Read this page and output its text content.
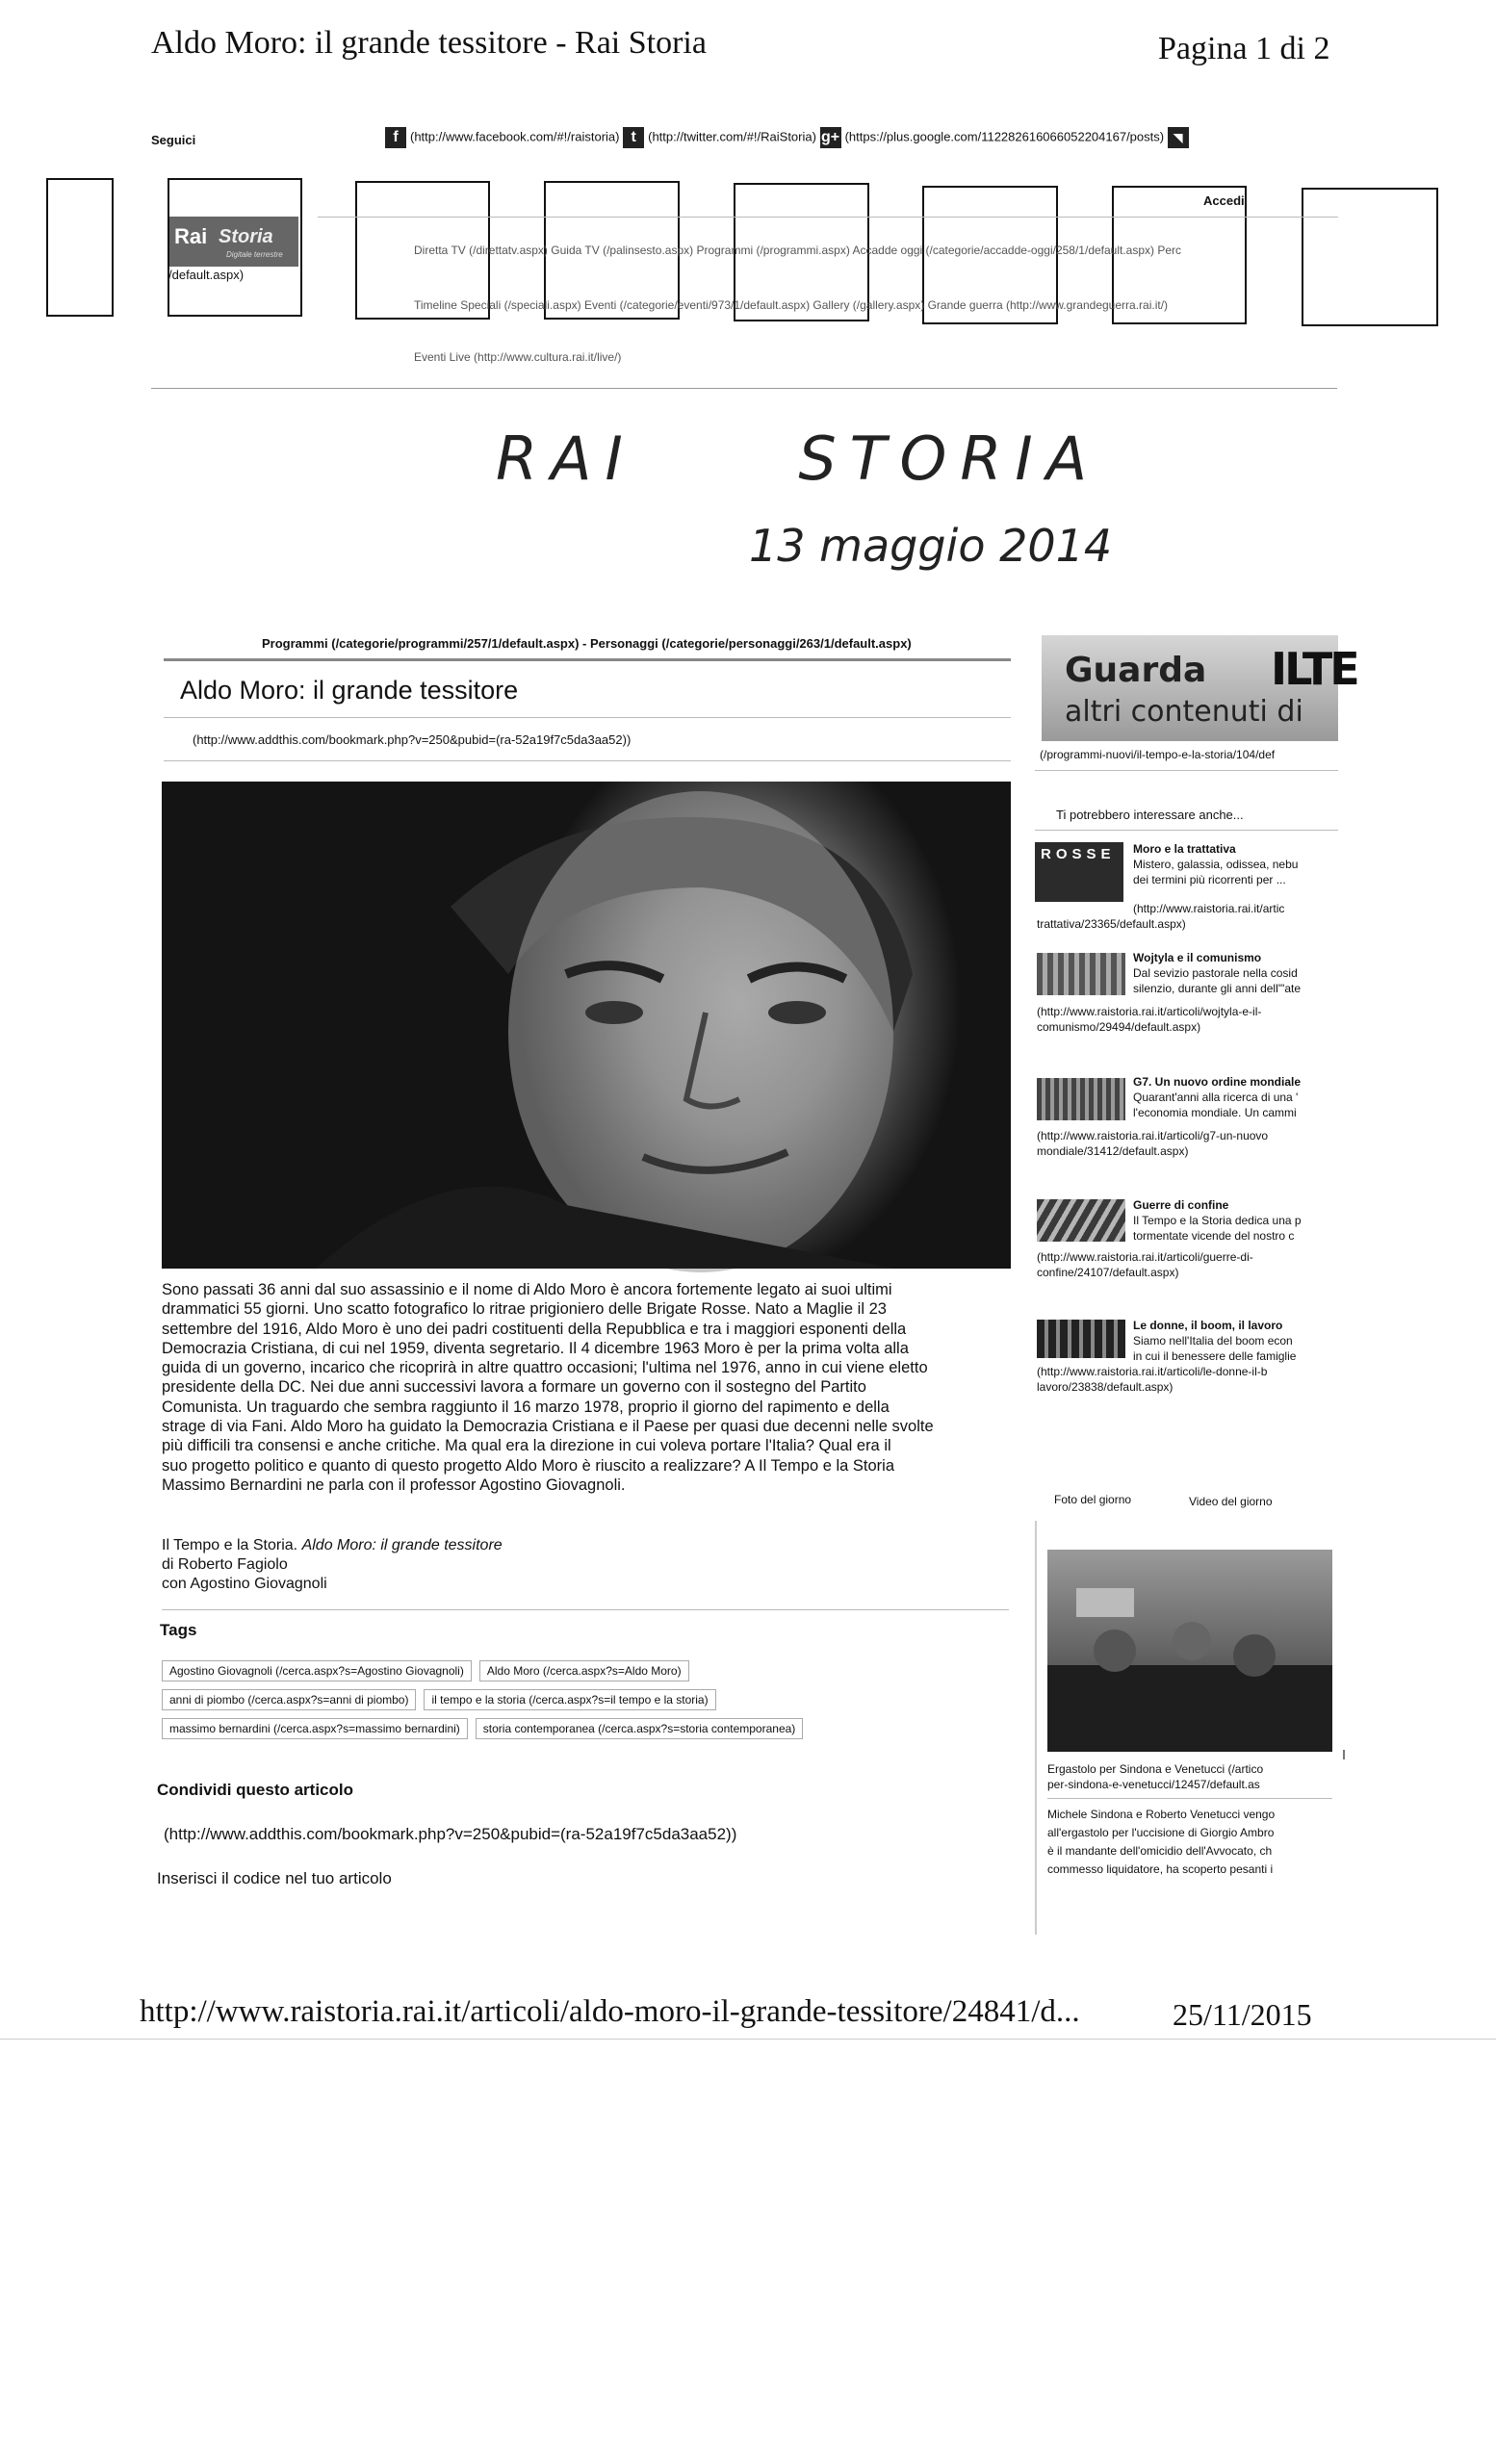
Aldo Moro: il grande tessitore - Rai Storia	Pagina 1 di 2
Seguici	f (http://www.facebook.com/#!/raistoria) t (http://twitter.com/#!/RaiStoria) g+ (https://plus.google.com/112282616066052204167/posts) ◥
Accedi
Rai Storia
Digitale terrestre
/default.aspx)
Diretta TV (/direttatv.aspx) Guida TV (/palinsesto.aspx) Programmi (/programmi.aspx) Accadde oggi (/categorie/accadde-oggi/258/1/default.aspx) Perc
Timeline Speciali (/speciali.aspx) Eventi (/categorie/eventi/973/1/default.aspx) Gallery (/gallery.aspx) Grande guerra (http://www.grandeguerra.rai.it/)
Eventi Live (http://www.cultura.rai.it/live/)
RAI     STORIA
13 maggio 2014
Programmi (/categorie/programmi/257/1/default.aspx) - Personaggi (/categorie/personaggi/263/1/default.aspx)
Aldo Moro: il grande tessitore
(http://www.addthis.com/bookmark.php?v=250&pubid=(ra-52a19f7c5da3aa52))

Sono passati 36 anni dal suo assassinio e il nome di Aldo Moro è ancora fortemente legato ai suoi ultimi

drammatici 55 giorni. Uno scatto fotografico lo ritrae prigioniero delle Brigate Rosse. Nato a Maglie il 23

settembre del 1916, Aldo Moro è uno dei padri costituenti della Repubblica e tra i maggiori esponenti della

Democrazia Cristiana, di cui nel 1959, diventa segretario. Il 4 dicembre 1963 Moro è per la prima volta alla

guida di un governo, incarico che ricoprirà in altre quattro occasioni; l'ultima nel 1976, anno in cui viene eletto

presidente della DC. Nei due anni successivi lavora a formare un governo con il sostegno del Partito

Comunista. Un traguardo che sembra raggiunto il 16 marzo 1978, proprio il giorno del rapimento e della

strage di via Fani. Aldo Moro ha guidato la Democrazia Cristiana e il Paese per quasi due decenni nelle svolte

più difficili tra consensi e anche critiche. Ma qual era la direzione in cui voleva portare l'Italia? Qual era il

suo progetto politico e quanto di questo progetto Aldo Moro è riuscito a realizzare? A Il Tempo e la Storia

Massimo Bernardini ne parla con il professor Agostino Giovagnoli.

Il Tempo e la Storia. Aldo Moro: il grande tessitore
di Roberto Fagiolo
con Agostino Giovagnoli
Tags
Agostino Giovagnoli (/cerca.aspx?s=Agostino Giovagnoli) Aldo Moro (/cerca.aspx?s=Aldo Moro)
anni di piombo (/cerca.aspx?s=anni di piombo) il tempo e la storia (/cerca.aspx?s=il tempo e la storia)
massimo bernardini (/cerca.aspx?s=massimo bernardini) storia contemporanea (/cerca.aspx?s=storia contemporanea)
Condividi questo articolo
(http://www.addthis.com/bookmark.php?v=250&pubid=(ra-52a19f7c5da3aa52))
Inserisci il codice nel tuo articolo
Guarda
altri contenuti di
ILTE
(/programmi-nuovi/il-tempo-e-la-storia/104/def
Ti potrebbero interessare anche...
ROSSE	Moro e la trattativa
Mistero, galassia, odissea, nebu
dei termini più ricorrenti per ...
(http://www.raistoria.rai.it/artic
trattativa/23365/default.aspx)
Wojtyla e il comunismo
Dal sevizio pastorale nella cosid
silenzio, durante gli anni dell'"ate
(http://www.raistoria.rai.it/articoli/wojtyla-e-il-
comunismo/29494/default.aspx)
G7. Un nuovo ordine mondiale
Quarant'anni alla ricerca di una '
l'economia mondiale. Un cammi
(http://www.raistoria.rai.it/articoli/g7-un-nuovo
mondiale/31412/default.aspx)
Guerre di confine
Il Tempo e la Storia dedica una p
tormentate vicende del nostro c
(http://www.raistoria.rai.it/articoli/guerre-di-
confine/24107/default.aspx)
Le donne, il boom, il lavoro
Siamo nell'Italia del boom econ
in cui il benessere delle famiglie
(http://www.raistoria.rai.it/articoli/le-donne-il-b
lavoro/23838/default.aspx)
Foto del giorno	Video del giorno
Ergastolo per Sindona e Venetucci (/artico
per-sindona-e-venetucci/12457/default.as
Michele Sindona e Roberto Venetucci vengo
all'ergastolo per l'uccisione di Giorgio Ambro
è il mandante dell'omicidio dell'Avvocato, ch
commesso liquidatore, ha scoperto pesanti i
http://www.raistoria.rai.it/articoli/aldo-moro-il-grande-tessitore/24841/d...	25/11/2015
